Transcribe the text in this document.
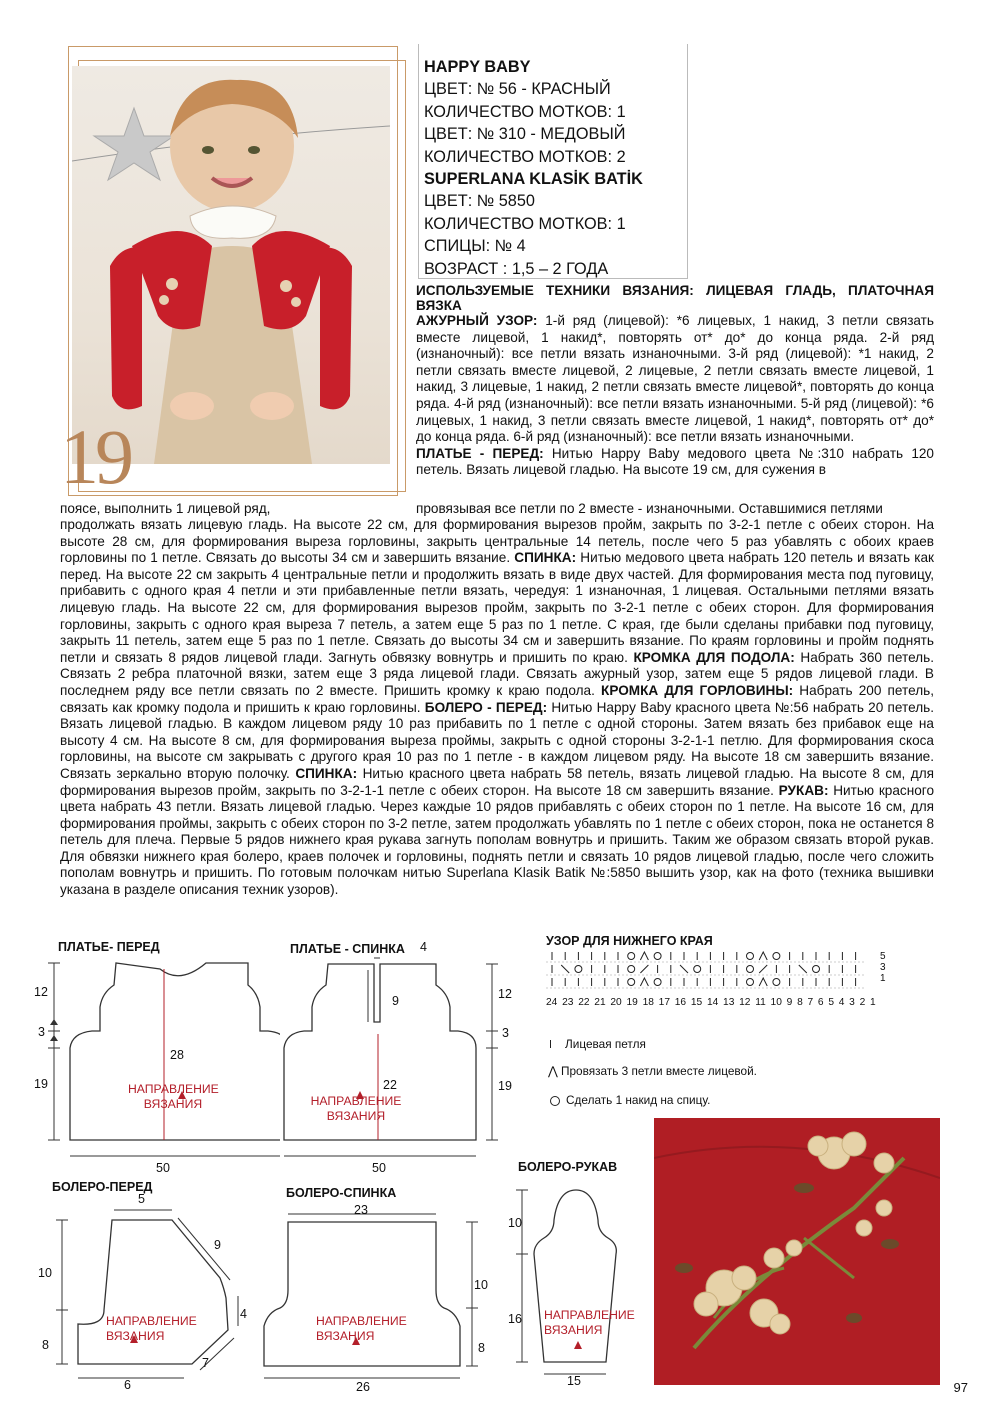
19
HAPPY BABY
ЦВЕТ: № 56 - КРАСНЫЙ
КОЛИЧЕСТВО МОТКОВ: 1
ЦВЕТ: № 310 - МЕДОВЫЙ
КОЛИЧЕСТВО МОТКОВ: 2
SUPERLANA KLASİK BATİK
ЦВЕТ: № 5850
КОЛИЧЕСТВО МОТКОВ: 1
СПИЦЫ: № 4
ВОЗРАСТ : 1,5 – 2 ГОДА

ИСПОЛЬЗУЕМЫЕ ТЕХНИКИ ВЯЗАНИЯ: ЛИЦЕВАЯ ГЛАДЬ, ПЛАТОЧНАЯ ВЯЗКА

АЖУРНЫЙ УЗОР: 1-й ряд (лицевой): *6 лицевых, 1 накид, 3 петли связать вместе лицевой, 1 накид*, повторять от* до* до конца ряда. 2-й ряд (изнаночный): все петли вязать изнаночными. 3-й ряд (лицевой): *1 накид, 2 петли связать вместе лицевой, 2 лицевые, 2 петли связать вместе лицевой, 1 накид, 3 лицевые, 1 накид, 2 петли связать вместе лицевой*, повторять до конца ряда. 4-й ряд (изнаночный): все петли вязать изнаночными. 5-й ряд (лицевой): *6 лицевых, 1 накид, 3 петли связать вместе лицевой, 1 накид*, повторять от* до* до конца ряда. 6-й ряд (изнаночный): все петли вязать изнаночными.

ПЛАТЬЕ - ПЕРЕД: Нитью Happy Baby медового цвета №:310 набрать 120 петель. Вязать лицевой гладью. На высоте 19 см, для сужения в

поясе, выполнить 1 лицевой ряд,	провязывая все петли по 2 вместе - изнаночными. Оставшимися петлями

продолжать вязать лицевую гладь. На высоте 22 см, для формирования вырезов пройм, закрыть по 3-2-1 петле с обеих сторон. На высоте 28 см, для формирования выреза горловины, закрыть центральные 14 петель, после чего 5 раз убавлять с обоих краев горловины по 1 петле. Связать до высоты 34 см и завершить вязание. СПИНКА: Нитью медового цвета набрать 120 петель и вязать как перед. На высоте 22 см закрыть 4 центральные петли и продолжить вязать в виде двух частей. Для формирования места под пуговицу, прибавить с одного края 4 петли и эти прибавленные петли вязать, чередуя: 1 изнаночная, 1 лицевая. Остальными петлями вязать лицевую гладь. На высоте 22 см, для формирования вырезов пройм, закрыть по 3-2-1 петле с обеих сторон. Для формирования горловины, закрыть с одного края выреза 7 петель, а затем еще 5 раз по 1 петле. С края, где были сделаны прибавки под пуговицу, закрыть 11 петель, затем еще 5 раз по 1 петле. Связать до высоты 34 см и завершить вязание. По краям горловины и пройм поднять петли и связать 8 рядов лицевой глади. Загнуть обвязку вовнутрь и пришить по краю. КРОМКА ДЛЯ ПОДОЛА: Набрать 360 петель. Связать 2 ребра платочной вязки, затем еще 3 ряда лицевой глади. Связать ажурный узор, затем еще 5 рядов лицевой глади. В последнем ряду все петли связать по 2 вместе. Пришить кромку к краю подола. КРОМКА ДЛЯ ГОРЛОВИНЫ: Набрать 200 петель, связать как кромку подола и пришить к краю горловины. БОЛЕРО - ПЕРЕД: Нитью Happy Baby красного цвета №:56 набрать 20 петель. Вязать лицевой гладью. В каждом лицевом ряду 10 раз прибавить по 1 петле с одной стороны. Затем вязать без прибавок еще на высоту 4 см. На высоте 8 см, для формирования выреза проймы, закрыть с одной стороны 3-2-1-1 петлю. Для формирования скоса горловины, на высоте см закрывать с другого края 10 раз по 1 петле - в каждом лицевом ряду. На высоте 18 см завершить вязание. Связать зеркально вторую полочку. СПИНКА: Нитью красного цвета набрать 58 петель, вязать лицевой гладью. На высоте 8 см, для формирования вырезов пройм, закрыть по 3-2-1-1 петле с обеих сторон. На высоте 18 см завершить вязание. РУКАВ: Нитью красного цвета набрать 43 петли. Вязать лицевой гладью. Через каждые 10 рядов прибавлять с обеих сторон по 1 петле. На высоте 16 см, для формирования проймы, закрыть с обеих сторон по 3-2 петле, затем продолжать убавлять по 1 петле с обеих сторон, пока не останется 8 петель для плеча. Первые 5 рядов нижнего края рукава загнуть пополам вовнутрь и пришить. Таким же образом связать второй рукав. Для обвязки нижнего края болеро, краев полочек и горловины, поднять петли и связать 10 рядов лицевой гладью, после чего сложить пополам вовнутрь и пришить. По готовым полочкам нитью Superlana Klasik Batik №:5850 вышить узор, как на фото (техника вышивки указана в разделе описания техник узоров).

ПЛАТЬЕ- ПЕРЕД
12
3
19
28
50
НАПРАВЛЕНИЕ ВЯЗАНИЯ
ПЛАТЬЕ - СПИНКА 4
9	12
3
19
22
50
НАПРАВЛЕНИЕ ВЯЗАНИЯ
УЗОР ДЛЯ НИЖНЕГО КРАЯ
5
3
1
24 23 22 21 20 19 18 17 16 15 14 13 12 11 10 9 8 7 6 5 4 3 2 1
Лицевая петля
⋀ Провязать 3 петли вместе лицевой.
Сделать 1 накид на спицу.
БОЛЕРО-ПЕРЕД
5
9
10
8
4
7
6
НАПРАВЛЕНИЕ ВЯЗАНИЯ
БОЛЕРО-СПИНКА
23
10
8
26
НАПРАВЛЕНИЕ ВЯЗАНИЯ
БОЛЕРО-РУКАВ
10
16
15
НАПРАВЛЕНИЕ ВЯЗАНИЯ
97
